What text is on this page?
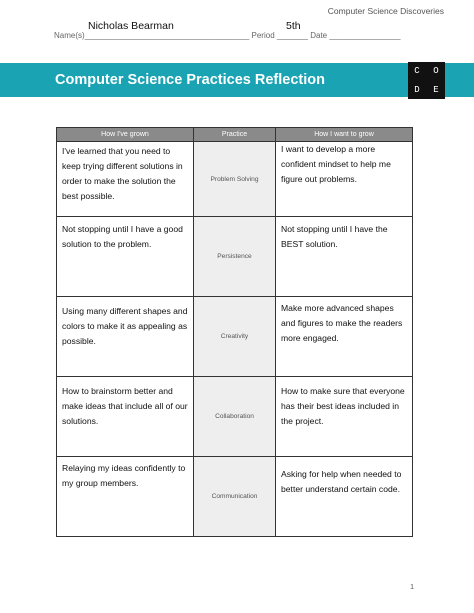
Computer Science Discoveries
Name(s)_____________________________________ Period _______ Date ________________
Nicholas Bearman	5th
Computer Science Practices Reflection
C	O
D	E
How I've grown	Practice	How I want to grow

I've learned that you need to keep trying different solutions in order to make the solution the best possible.	Problem Solving	I want to develop a more confident mindset to help me figure out problems.

Not stopping until I have a good solution to the problem.	Persistence	Not stopping until I have the BEST solution.

Using many different shapes and colors to make it as appealing as possible.	Creativity	Make more advanced shapes and figures to make the readers more engaged.

How to brainstorm better and make ideas that include all of our solutions.	Collaboration	How to make sure that everyone has their best ideas included in the project.

Relaying my ideas confidently to my group members.	Communication	Asking for help when needed to better understand certain code.
1
